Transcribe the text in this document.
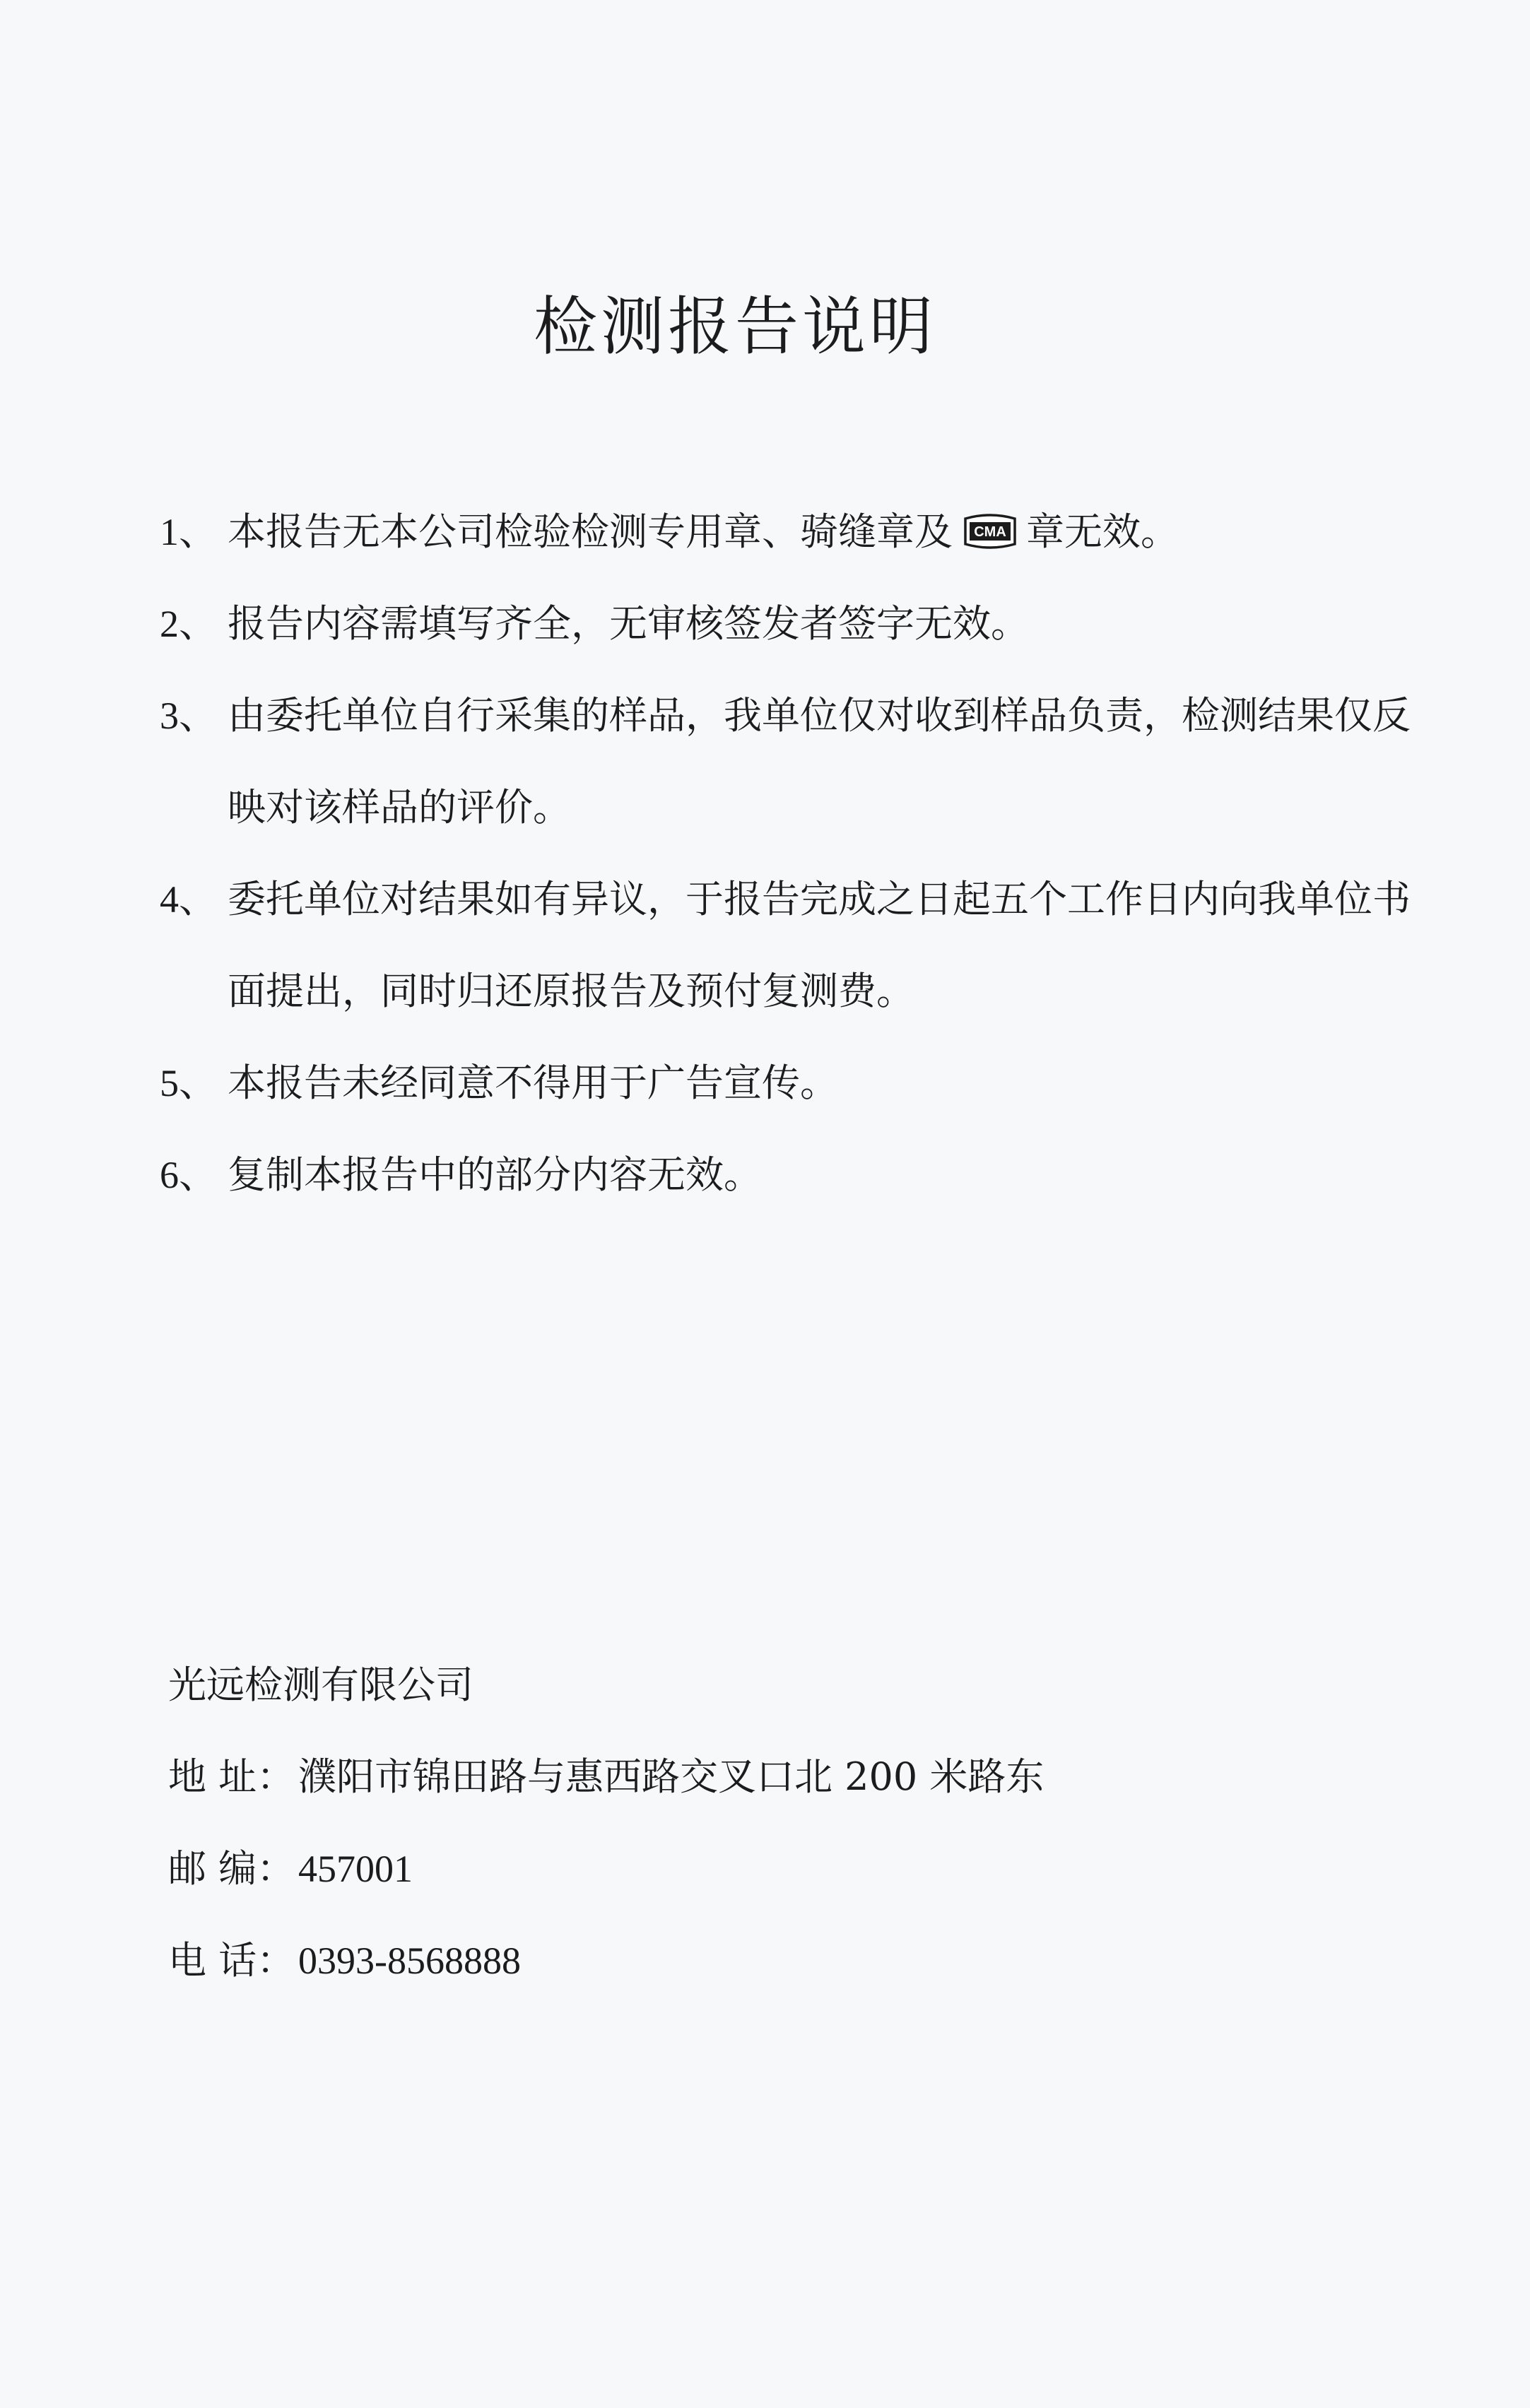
检测报告说明
1、 本报告无本公司检验检测专用章、骑缝章及 CMA 章无效。
2、 报告内容需填写齐全，无审核签发者签字无效。
3、 由委托单位自行采集的样品，我单位仅对收到样品负责，检测结果仅反映对该样品的评价。
4、 委托单位对结果如有异议，于报告完成之日起五个工作日内向我单位书面提出，同时归还原报告及预付复测费。
5、 本报告未经同意不得用于广告宣传。
6、 复制本报告中的部分内容无效。
光远检测有限公司
地 址：濮阳市锦田路与惠西路交叉口北 200 米路东
邮 编：457001
电 话：0393-8568888
